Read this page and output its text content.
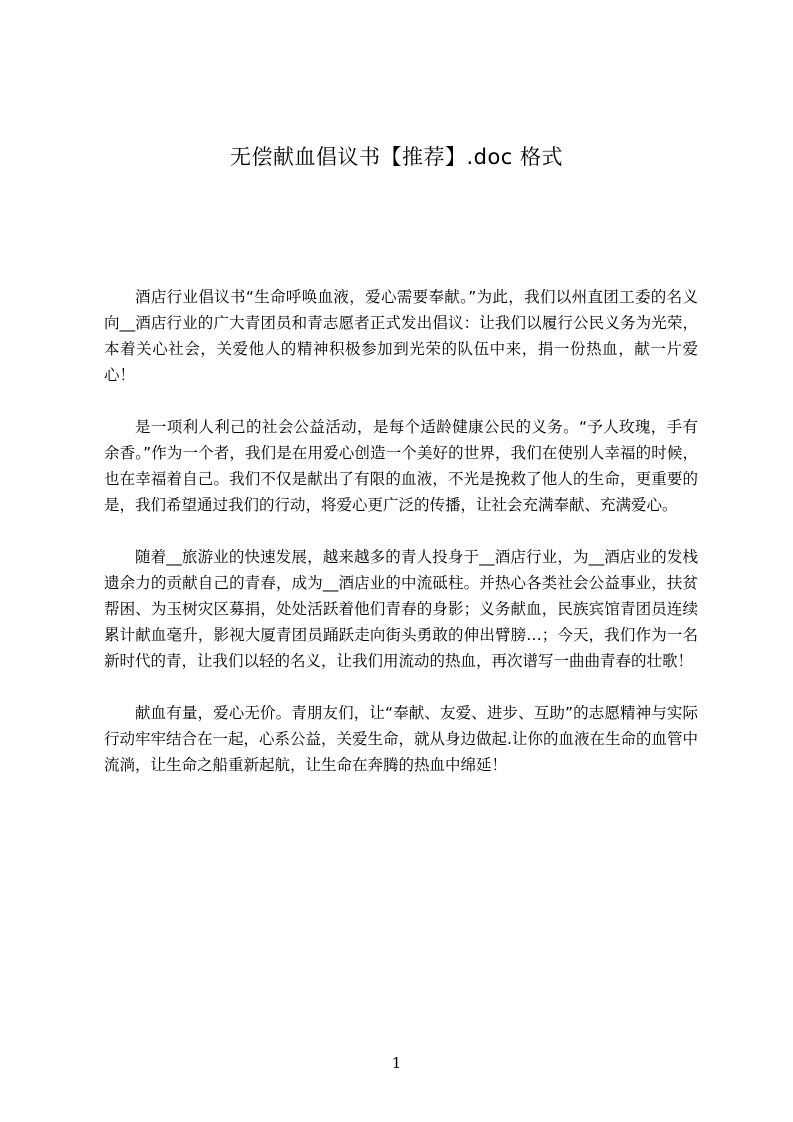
无偿献血倡议书【推荐】.doc 格式

酒店行业倡议书“生命呼唤血液，爱心需要奉献。”为此，我们以州直团工委的名义向__酒店行业的广大青团员和青志愿者正式发出倡议：让我们以履行公民义务为光荣，本着关心社会，关爱他人的精神积极参加到光荣的队伍中来，捐一份热血，献一片爱心！

是一项利人利己的社会公益活动，是每个适龄健康公民的义务。“予人玫瑰，手有余香。”作为一个者，我们是在用爱心创造一个美好的世界，我们在使别人幸福的时候，也在幸福着自己。我们不仅是献出了有限的血液，不光是挽救了他人的生命，更重要的是，我们希望通过我们的行动，将爱心更广泛的传播，让社会充满奉献、充满爱心。

随着__旅游业的快速发展，越来越多的青人投身于__酒店行业，为__酒店业的发栈遗余力的贡献自己的青春，成为__酒店业的中流砥柱。并热心各类社会公益事业，扶贫帮困、为玉树灾区募捐，处处活跃着他们青春的身影；义务献血，民族宾馆青团员连续累计献血毫升，影视大厦青团员踊跃走向街头勇敢的伸出臂膀…；今天，我们作为一名新时代的青，让我们以轻的名义，让我们用流动的热血，再次谱写一曲曲青春的壮歌！

献血有量，爱心无价。青朋友们，让“奉献、友爱、进步、互助”的志愿精神与实际行动牢牢结合在一起，心系公益，关爱生命，就从身边做起.让你的血液在生命的血管中流淌，让生命之船重新起航，让生命在奔腾的热血中绵延！

1
